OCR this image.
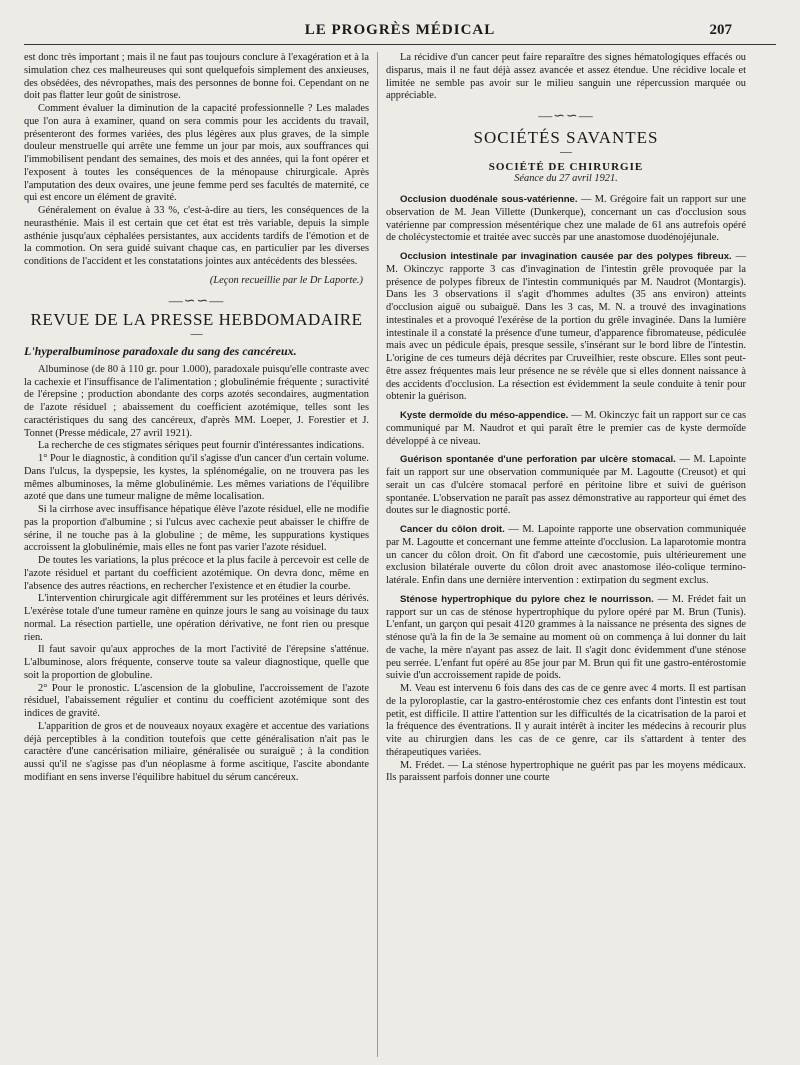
LE PROGRÈS MÉDICAL	207

est donc très important ; mais il ne faut pas toujours conclure à l'exagération et à la simulation chez ces malheureuses qui sont quelquefois simplement des anxieuses, des obsédées, des névropathes, mais des personnes de bonne foi. Cependant on ne doit pas flatter leur goût de sinistrose.

Comment évaluer la diminution de la capacité professionnelle ? Les malades que l'on aura à examiner, quand on sera commis pour les accidents du travail, présenteront des formes variées, des plus légères aux plus graves, de la simple douleur menstruelle qui arrête une femme un jour par mois, aux souffrances qui l'immobilisent pendant des semaines, des mois et des années, qui la font opérer et l'exposent à toutes les conséquences de la ménopause chirurgicale. Après l'amputation des deux ovaires, une jeune femme perd ses facultés de maternité, ce qui est encore un élément de gravité.

Généralement on évalue à 33 %, c'est-à-dire au tiers, les conséquences de la neurasthénie. Mais il est certain que cet état est très variable, depuis la simple asthénie jusqu'aux céphalées persistantes, aux accidents tardifs de l'émotion et de la commotion. On sera guidé suivant chaque cas, en particulier par les diverses conditions de l'accident et les constatations jointes aux antécédents des blessées.

(Leçon recueillie par le Dr Laporte.)
—∽∽—
REVUE DE LA PRESSE HEBDOMADAIRE
—

L'hyperalbuminose paradoxale du sang des cancéreux.

Albuminose (de 80 à 110 gr. pour 1.000), paradoxale puisqu'elle contraste avec la cachexie et l'insuffisance de l'alimentation ; globulinémie fréquente ; suractivité de l'érepsine ; production abondante des corps azotés secondaires, augmentation de l'azote résiduel ; abaissement du coefficient azotémique, telles sont les caractéristiques du sang des cancéreux, d'après MM. Loeper, J. Forestier et J. Tonnet (Presse médicale, 27 avril 1921).

La recherche de ces stigmates sériques peut fournir d'intéressantes indications.

1° Pour le diagnostic, à condition qu'il s'agisse d'un cancer d'un certain volume. Dans l'ulcus, la dyspepsie, les kystes, la splénomégalie, on ne trouvera pas les mêmes albuminoses, la même globulinémie. Les mêmes variations de l'équilibre azoté que dans une tumeur maligne de même localisation.

Si la cirrhose avec insuffisance hépatique élève l'azote résiduel, elle ne modifie pas la proportion d'albumine ; si l'ulcus avec cachexie peut abaisser le chiffre de sérine, il ne touche pas à la globuline ; de même, les suppurations kystiques accroissent la globulinémie, mais elles ne font pas varier l'azote résiduel.

De toutes les variations, la plus précoce et la plus facile à percevoir est celle de l'azote résiduel et partant du coefficient azotémique. On devra donc, même en l'absence des autres réactions, en rechercher l'existence et en étudier la courbe.

L'intervention chirurgicale agit différemment sur les protéines et leurs dérivés. L'exérèse totale d'une tumeur ramène en quinze jours le sang au voisinage du taux normal. La résection partielle, une opération dérivative, ne font rien ou presque rien.

Il faut savoir qu'aux approches de la mort l'activité de l'érepsine s'atténue. L'albuminose, alors fréquente, conserve toute sa valeur diagnostique, quelle que soit la proportion de globuline.

2° Pour le pronostic. L'ascension de la globuline, l'accroissement de l'azote résiduel, l'abaissement régulier et continu du coefficient azotémique sont des indices de gravité.

L'apparition de gros et de nouveaux noyaux exagère et accentue des variations déjà perceptibles à la condition toutefois que cette généralisation n'ait pas le caractère d'une cancérisation miliaire, généralisée ou suraiguë ; à la condition aussi qu'il ne s'agisse pas d'un néoplasme à forme ascitique, l'ascite abondante modifiant en sens inverse l'équilibre habituel du sérum cancéreux.

La récidive d'un cancer peut faire reparaître des signes hématologiques effacés ou disparus, mais il ne faut déjà assez avancée et assez étendue. Une récidive locale et limitée ne semble pas avoir sur le milieu sanguin une répercussion marquée ou appréciable.

—∽∽—
SOCIÉTÉS SAVANTES
—
SOCIÉTÉ DE CHIRURGIE
Séance du 27 avril 1921.

Occlusion duodénale sous-vatérienne. — M. Grégoire fait un rapport sur une observation de M. Jean Villette (Dunkerque), concernant un cas d'occlusion sous vatérienne par compression mésentérique chez une malade de 61 ans autrefois opéré de cholécystectomie et traitée avec succès par une anastomose duodénojéjunale.

Occlusion intestinale par invagination causée par des polypes fibreux. — M. Okinczyc rapporte 3 cas d'invagination de l'intestin grêle provoquée par la présence de polypes fibreux de l'intestin communiqués par M. Naudrot (Montargis). Dans les 3 observations il s'agit d'hommes adultes (35 ans environ) atteints d'occlusion aiguë ou subaiguë. Dans les 3 cas, M. N. a trouvé des invaginations intestinales et a provoqué l'exérèse de la portion du grêle invaginée. Dans la lumière intestinale il a constaté la présence d'une tumeur, d'apparence fibromateuse, pédiculée mais avec un pédicule épais, presque sessile, s'insérant sur le bord libre de l'intestin. L'origine de ces tumeurs déjà décrites par Cruveilhier, reste obscure. Elles sont peut-être assez fréquentes mais leur présence ne se révèle que si elles donnent naissance à des accidents d'occlusion. La résection est évidemment la seule conduite à tenir pour obtenir la guérison.

Kyste dermoïde du méso-appendice. — M. Okinczyc fait un rapport sur ce cas communiqué par M. Naudrot et qui paraît être le premier cas de kyste dermoïde développé à ce niveau.

Guérison spontanée d'une perforation par ulcère stomacal. — M. Lapointe fait un rapport sur une observation communiquée par M. Lagoutte (Creusot) et qui serait un cas d'ulcère stomacal perforé en péritoine libre et suivi de guérison spontanée. L'observation ne paraît pas assez démonstrative au rapporteur qui émet des doutes sur le diagnostic porté.

Cancer du côlon droit. — M. Lapointe rapporte une observation communiquée par M. Lagoutte et concernant une femme atteinte d'occlusion. La laparotomie montra un cancer du côlon droit. On fit d'abord une cæcostomie, puis ultérieurement une exclusion bilatérale ouverte du côlon droit avec anastomose iléo-colique termino-latérale. Enfin dans une dernière intervention : extirpation du segment exclus.

Sténose hypertrophique du pylore chez le nourrisson. — M. Frédet fait un rapport sur un cas de sténose hypertrophique du pylore opéré par M. Brun (Tunis). L'enfant, un garçon qui pesait 4120 grammes à la naissance ne présenta des signes de sténose qu'à la fin de la 3e semaine au moment où on commença à lui donner du lait de vache, la mère n'ayant pas assez de lait. Il s'agit donc évidemment d'une sténose peu serrée. L'enfant fut opéré au 85e jour par M. Brun qui fit une gastro-entérostomie suivie d'un accroissement rapide de poids.

M. Veau est intervenu 6 fois dans des cas de ce genre avec 4 morts. Il est partisan de la pyloroplastie, car la gastro-entérostomie chez ces enfants dont l'intestin est tout petit, est difficile. Il attire l'attention sur les difficultés de la cicatrisation de la paroi et la fréquence des éventrations. Il y aurait intérêt à inciter les médecins à recourir plus vite au chirurgien dans les cas de ce genre, car ils s'attardent à tenter des thérapeutiques variées.

M. Frédet. — La sténose hypertrophique ne guérit pas par les moyens médicaux. Ils paraissent parfois donner une courte
